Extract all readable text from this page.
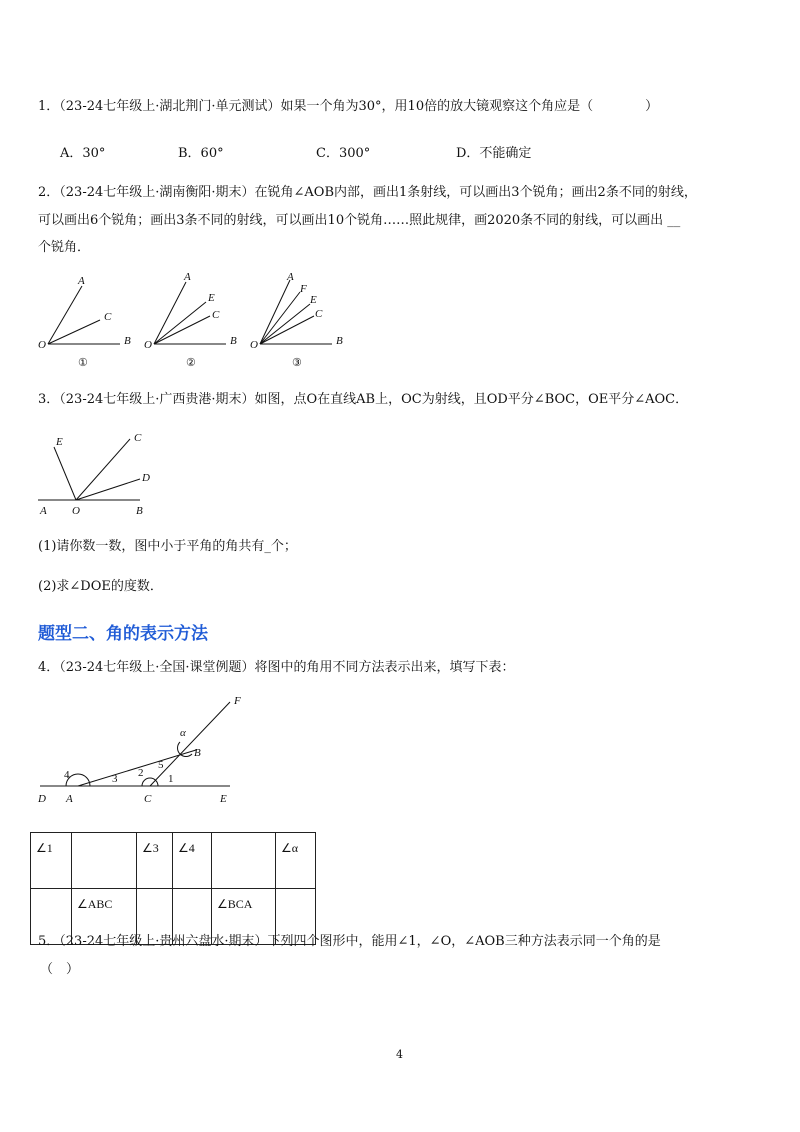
1．（23-24七年级上·湖北荆门·单元测试）如果一个角为30°，用10倍的放大镜观察这个角应是（　　　　）
A．30°	B．60°	C．300°	D．不能确定
2．（23-24七年级上·湖南衡阳·期末）在锐角∠AOB内部，画出1条射线，可以画出3个锐角；画出2条不同的射线，
可以画出6个锐角；画出3条不同的射线，可以画出10个锐角……照此规律，画2020条不同的射线，可以画出 __
个锐角．
A
C
O	B
①
A
E
C
O	B
②
A
F
E
C
O	B
③
3．（23-24七年级上·广西贵港·期末）如图，点O在直线AB上，OC为射线，且OD平分∠BOC，OE平分∠AOC．
E	C
D
A O	B
(1)请你数一数，图中小于平角的角共有_个；
(2)求∠DOE的度数．
题型二、角的表示方法
4．（23-24七年级上·全国·课堂例题）将图中的角用不同方法表示出来，填写下表：
F
α
B
5
4	3 2 1
D A	C	E
∠1		∠3	∠4		∠α
	∠ABC			∠BCA	
5．（23-24七年级上·贵州六盘水·期末）下列四个图形中，能用∠1，∠O，∠AOB三种方法表示同一个角的是
（　）
4
